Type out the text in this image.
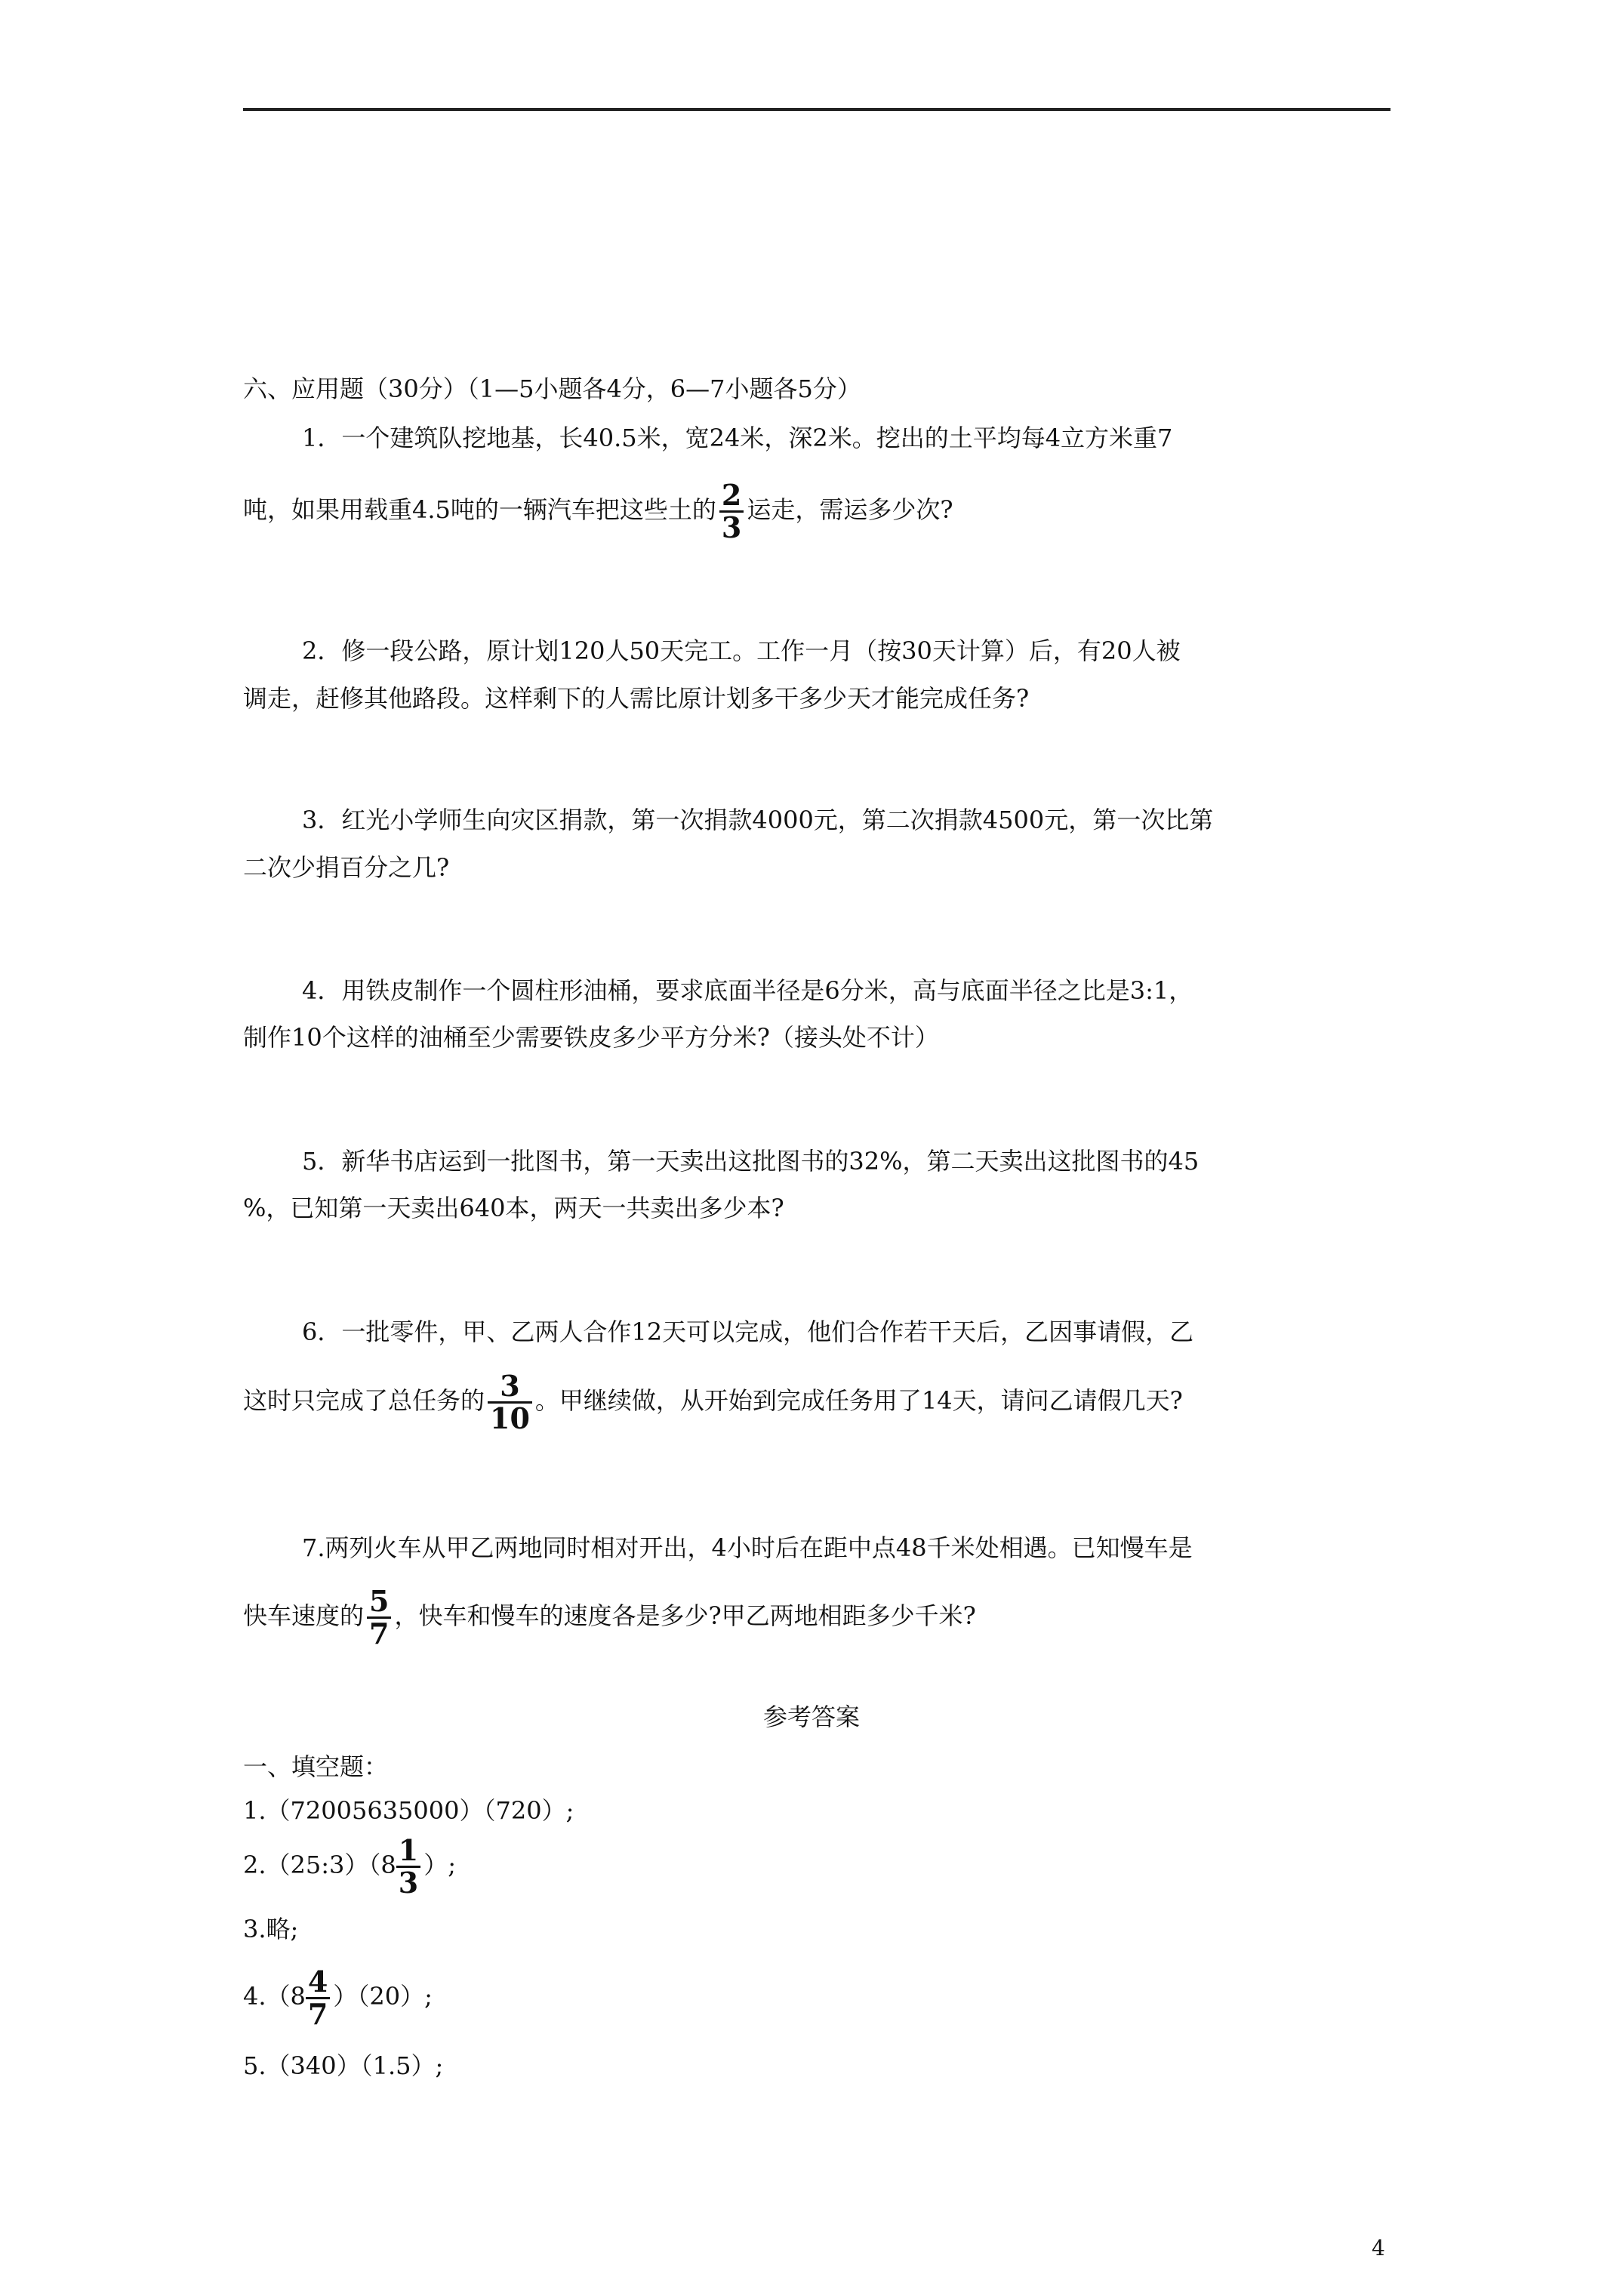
六、应用题（30分）（1—5小题各4分，6—7小题各5分）
1．一个建筑队挖地基，长40.5米，宽24米，深2米。挖出的土平均每4立方米重7
吨，如果用载重4.5吨的一辆汽车把这些土的 $\frac{2}{3}$ 运走，需运多少次?
2．修一段公路，原计划120人50天完工。工作一月（按30天计算）后，有20人被
调走，赶修其他路段。这样剩下的人需比原计划多干多少天才能完成任务?
3．红光小学师生向灾区捐款，第一次捐款4000元，第二次捐款4500元，第一次比第
二次少捐百分之几?
4．用铁皮制作一个圆柱形油桶，要求底面半径是6分米，高与底面半径之比是3:1，
制作10个这样的油桶至少需要铁皮多少平方分米?（接头处不计）
5．新华书店运到一批图书，第一天卖出这批图书的32%，第二天卖出这批图书的45
%，已知第一天卖出640本，两天一共卖出多少本?
6．一批零件，甲、乙两人合作12天可以完成，他们合作若干天后，乙因事请假，乙
这时只完成了总任务的 $\frac{3}{10}$ 。甲继续做，从开始到完成任务用了14天，请问乙请假几天?
7.两列火车从甲乙两地同时相对开出，4小时后在距中点48千米处相遇。已知慢车是
快车速度的 $\frac{5}{7}$ ，快车和慢车的速度各是多少?甲乙两地相距多少千米?
参考答案
一、填空题：
1.（72005635000）（720）;
2.（25:3）（8 $\frac{1}{3}$ ）;
3.略;
$4.(8 \frac{4}{7} )(20)$;
5.（340）（1.5）;
4
